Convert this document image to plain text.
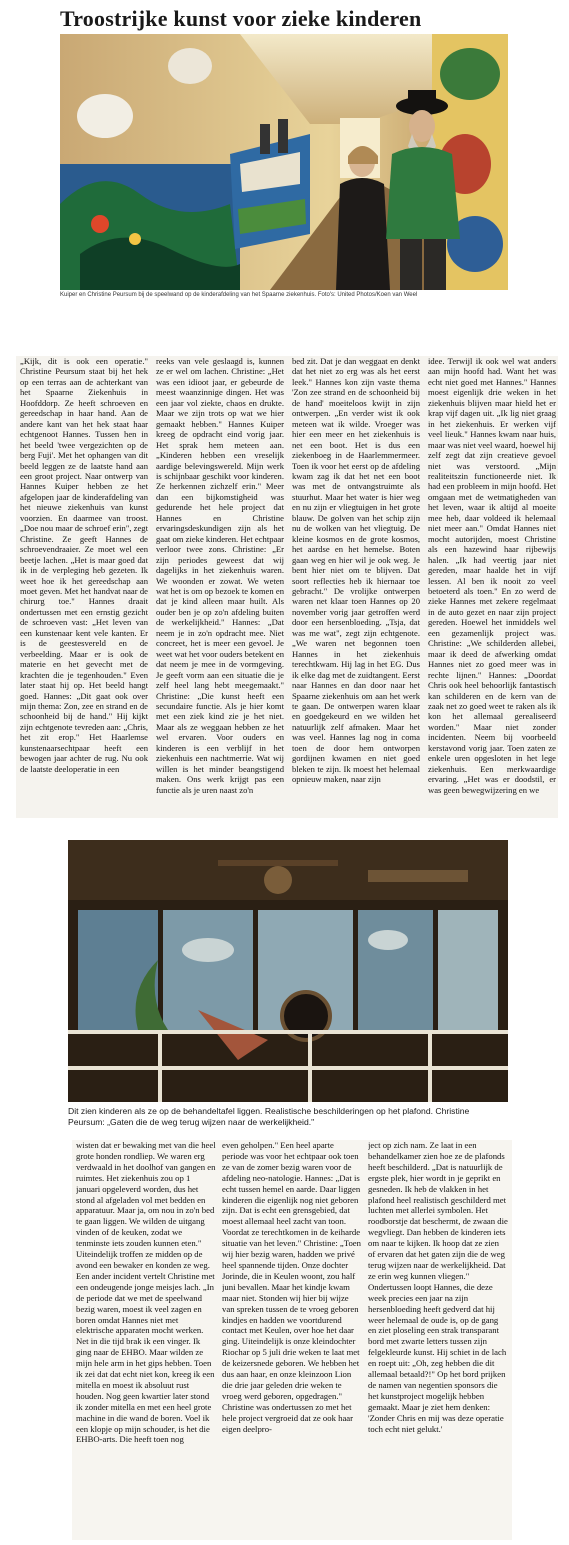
Troostrijke kunst voor zieke kinderen
Kuiper en Christine Peursum bij de speelwand op de kinderafdeling van het Spaarne ziekenhuis. Foto's: United Photos/Koen van Weel

„Kijk, dit is ook een operatie." Christine Peursum staat bij het hek op een terras aan de achterkant van het Spaarne Ziekenhuis in Hoofddorp. Ze heeft schroeven en gereedschap in haar hand. Aan de andere kant van het hek staat haar echtgenoot Hannes. Tussen hen in het beeld 'twee vergezichten op de berg Fuji'. Met het ophangen van dit beeld leggen ze de laatste hand aan een groot project. Naar ontwerp van Hannes Kuiper hebben ze het afgelopen jaar de kinderafdeling van het nieuwe ziekenhuis van kunst voorzien. En daarmee van troost. „Doe nou maar de schroef erin", zegt Christine. Ze geeft Hannes de schroevendraaier. Ze moet wel een beetje lachen. „Het is maar goed dat ik in de verpleging heb gezeten. Ik weet hoe ik het gereedschap aan moet geven. Met het handvat naar de chirurg toe." Hannes draait ondertussen met een ernstig gezicht de schroeven vast: „Het leven van een kunstenaar kent vele kanten. Er is de geestesvereld en de verbeelding. Maar er is ook de materie en het gevecht met de krachten die je tegenhouden." Even later staat hij op. Het beeld hangt goed. Hannes: „Dit gaat ook over mijn thema: Zon, zee en strand en de schoonheid bij de hand." Hij kijkt zijn echtgenote tevreden aan: „Chris, het zit erop." Het Haarlemse kunstenaarsechtpaar heeft een bewogen jaar achter de rug. Nu ook de laatste deeloperatie in een

reeks van vele geslaagd is, kunnen ze er wel om lachen. Christine: „Het was een idioot jaar, er gebeurde de meest waanzinnige dingen. Het was een jaar vol ziekte, chaos en drukte. Maar we zijn trots op wat we hier gemaakt hebben." Hannes Kuiper kreeg de opdracht eind vorig jaar. Het sprak hem meteen aan. „Kinderen hebben een vreselijk aardige belevingswereld. Mijn werk is schijnbaar geschikt voor kinderen. Ze herkennen zichzelf erin." Meer dan een bijkomstigheid was gedurende het hele project dat Hannes en Christine ervaringsdeskundigen zijn als het gaat om zieke kinderen. Het echtpaar verloor twee zons. Christine: „Er zijn periodes geweest dat wij dagelijks in het ziekenhuis waren. We woonden er zowat. We weten wat het is om op bezoek te komen en dat je kind alleen maar huilt. Als ouder ben je op zo'n afdeling buiten de werkelijkheid." Hannes: „Dat neem je in zo'n opdracht mee. Niet concreet, het is meer een gevoel. Je weet wat het voor ouders betekent en dat neem je mee in de vormgeving. Je geeft vorm aan een situatie die je zelf heel lang hebt meegemaakt." Christine: „Die kunst heeft een secundaire functie. Als je hier komt met een ziek kind zie je het niet. Maar als ze weggaan hebben ze het wel ervaren. Voor ouders en kinderen is een verblijf in het ziekenhuis een nachtmerrie. Wat wij willen is het minder beangstigend maken. Ons werk krijgt pas een functie als je uren naast zo'n

bed zit. Dat je dan weggaat en denkt dat het niet zo erg was als het eerst leek." Hannes kon zijn vaste thema 'Zon zee strand en de schoonheid bij de hand' moeiteloos kwijt in zijn ontwerpen. „En verder wist ik ook meteen wat ik wilde. Vroeger was hier een meer en het ziekenhuis is net een boot. Het is dus een ziekenboeg in de Haarlemmermeer. Toen ik voor het eerst op de afdeling kwam zag ik dat het net een boot was met de ontvangstruimte als stuurhut. Maar het water is hier weg en nu zijn er vliegtuigen in het grote blauw. De golven van het schip zijn nu de wolken van het vliegtuig. De kleine kosmos en de grote kosmos, het aardse en het hemelse. Boten gaan weg en hier wil je ook weg. Je bent hier niet om te blijven. Dat soort reflecties heb ik hiernaar toe gebracht." De vrolijke ontwerpen waren net klaar toen Hannes op 20 november vorig jaar getroffen werd door een hersenbloeding. „Tsja, dat was me wat", zegt zijn echtgenote. „We waren net begonnen toen Hannes in het ziekenhuis terechtkwam. Hij lag in het EG. Dus ik elke dag met de zuidtangent. Eerst naar Hannes en dan door naar het Spaarne ziekenhuis om aan het werk te gaan. De ontwerpen waren klaar en goedgekeurd en we wilden het natuurlijk zelf afmaken. Maar het was veel. Hannes lag nog in coma toen de door hem ontworpen gordijnen kwamen en niet goed bleken te zijn. Ik moest het helemaal opnieuw maken, naar zijn

idee. Terwijl ik ook wel wat anders aan mijn hoofd had. Want het was echt niet goed met Hannes." Hannes moest eigenlijk drie weken in het ziekenhuis blijven maar hield het er krap vijf dagen uit. „Ik lig niet graag in het ziekenhuis. Er werken vijf veel lieuk." Hannes kwam naar huis, maar was niet veel waard, hoewel hij zelf zegt dat zijn creatieve gevoel niet was verstoord. „Mijn realiteitszin functioneerde niet. Ik had een probleem in mijn hoofd. Het omgaan met de wetmatigheden van het leven, waar ik altijd al moeite mee heb, daar voldeed ik helemaal niet meer aan." Omdat Hannes niet mocht autorijden, moest Christine als een hazewind haar rijbewijs halen. „Ik had veertig jaar niet gereden, maar haalde het in vijf lessen. Al ben ik nooit zo veel betoeterd als toen." En zo werd de zieke Hannes met zekere regelmaat in de auto gezet en naar zijn project gereden. Hoewel het inmiddels wel een gezamenlijk project was. Christine: „We schilderden allebei, maar ik deed de afwerking omdat Hannes niet zo goed meer was in rechte lijnen." Hannes: „Doordat Chris ook heel behoorlijk fantastisch kan schilderen en de kern van de zaak net zo goed weet te raken als ik kon het allemaal gerealiseerd worden." Maar niet zonder incidenten. Neem bij voorbeeld kerstavond vorig jaar. Toen zaten ze enkele uren opgesloten in het lege ziekenhuis. Een merkwaardige ervaring. „Het was er doodstil, er was geen bewegwijzering en we

Dit zien kinderen als ze op de behandeltafel liggen. Realistische beschilderingen op het plafond. Christine Peursum: „Gaten die de weg terug wijzen naar de werkelijkheid."

wisten dat er bewaking met van die heel grote honden rondliep. We waren erg verdwaald in het doolhof van gangen en ruimtes. Het ziekenhuis zou op 1 januari opgeleverd worden, dus het stond al afgeladen vol met bedden en apparatuur. Maar ja, om nou in zo'n bed te gaan liggen. We wilden de uitgang vinden of de keuken, zodat we tenminste iets zouden kunnen eten." Uiteindelijk troffen ze midden op de avond een bewaker en konden ze weg. Een ander incident vertelt Christine met een ondeugende jonge meisjes lach. „In de periode dat we met de speelwand bezig waren, moest ik veel zagen en boren omdat Hannes niet met elektrische apparaten mocht werken. Net in die tijd brak ik een vinger. Ik ging naar de EHBO. Maar wilden ze mijn hele arm in het gips hebben. Toen ik zei dat dat echt niet kon, kreeg ik een mitella en moest ik absoluut rust houden. Nog geen kwartier later stond ik zonder mitella en met een heel grote machine in die wand de boren. Voel ik een klopje op mijn schouder, is het die EHBO-arts. Die heeft toen nog

even geholpen." Een heel aparte periode was voor het echtpaar ook toen ze van de zomer bezig waren voor de afdeling neo-natologie. Hannes: „Dat is echt tussen hemel en aarde. Daar liggen kinderen die eigenlijk nog niet geboren zijn. Dat is echt een grensgebied, dat moest allemaal heel zacht van toon. Voordat ze terechtkomen in de keiharde situatie van het leven." Christine: „Toen wij hier bezig waren, hadden we privé heel spannende tijden. Onze dochter Jorinde, die in Keulen woont, zou half juni bevallen. Maar het kindje kwam maar niet. Stonden wij hier bij wijze van spreken tussen de te vroeg geboren kindjes en hadden we voortdurend contact met Keulen, over hoe het daar ging. Uiteindelijk is onze kleindochter Riochar op 5 juli drie weken te laat met de keizersnede geboren. We hebben het dus aan haar, en onze kleinzoon Lion die drie jaar geleden drie weken te vroeg werd geboren, opgedragen." Christine was ondertussen zo met het hele project vergroeid dat ze ook haar eigen deelpro-

ject op zich nam. Ze laat in een behandelkamer zien hoe ze de plafonds heeft beschilderd. „Dat is natuurlijk de ergste plek, hier wordt in je geprikt en gesneden. Ik heb de vlakken in het plafond heel realistisch geschilderd met luchten met allerlei symbolen. Het roodborstje dat beschermt, de zwaan die wegvliegt. Dan hebben de kinderen iets om naar te kijken. Ik hoop dat ze zien of ervaren dat het gaten zijn die de weg terug wijzen naar de werkelijkheid. Dat ze erin weg kunnen vliegen." Ondertussen loopt Hannes, die deze week precies een jaar na zijn hersenbloeding heeft gedverd dat hij weer helemaal de oude is, op de gang en ziet ploseling een strak transparant bord met zwarte letters tussen zijn felgekleurde kunst. Hij schiet in de lach en roept uit: „Oh, zeg hebben die dit allemaal betaald?!" Op het bord prijken de namen van negentien sponsors die het kunstproject mogelijk hebben gemaakt. Maar je ziet hem denken: 'Zonder Chris en mij was deze operatie toch echt niet gelukt.'
